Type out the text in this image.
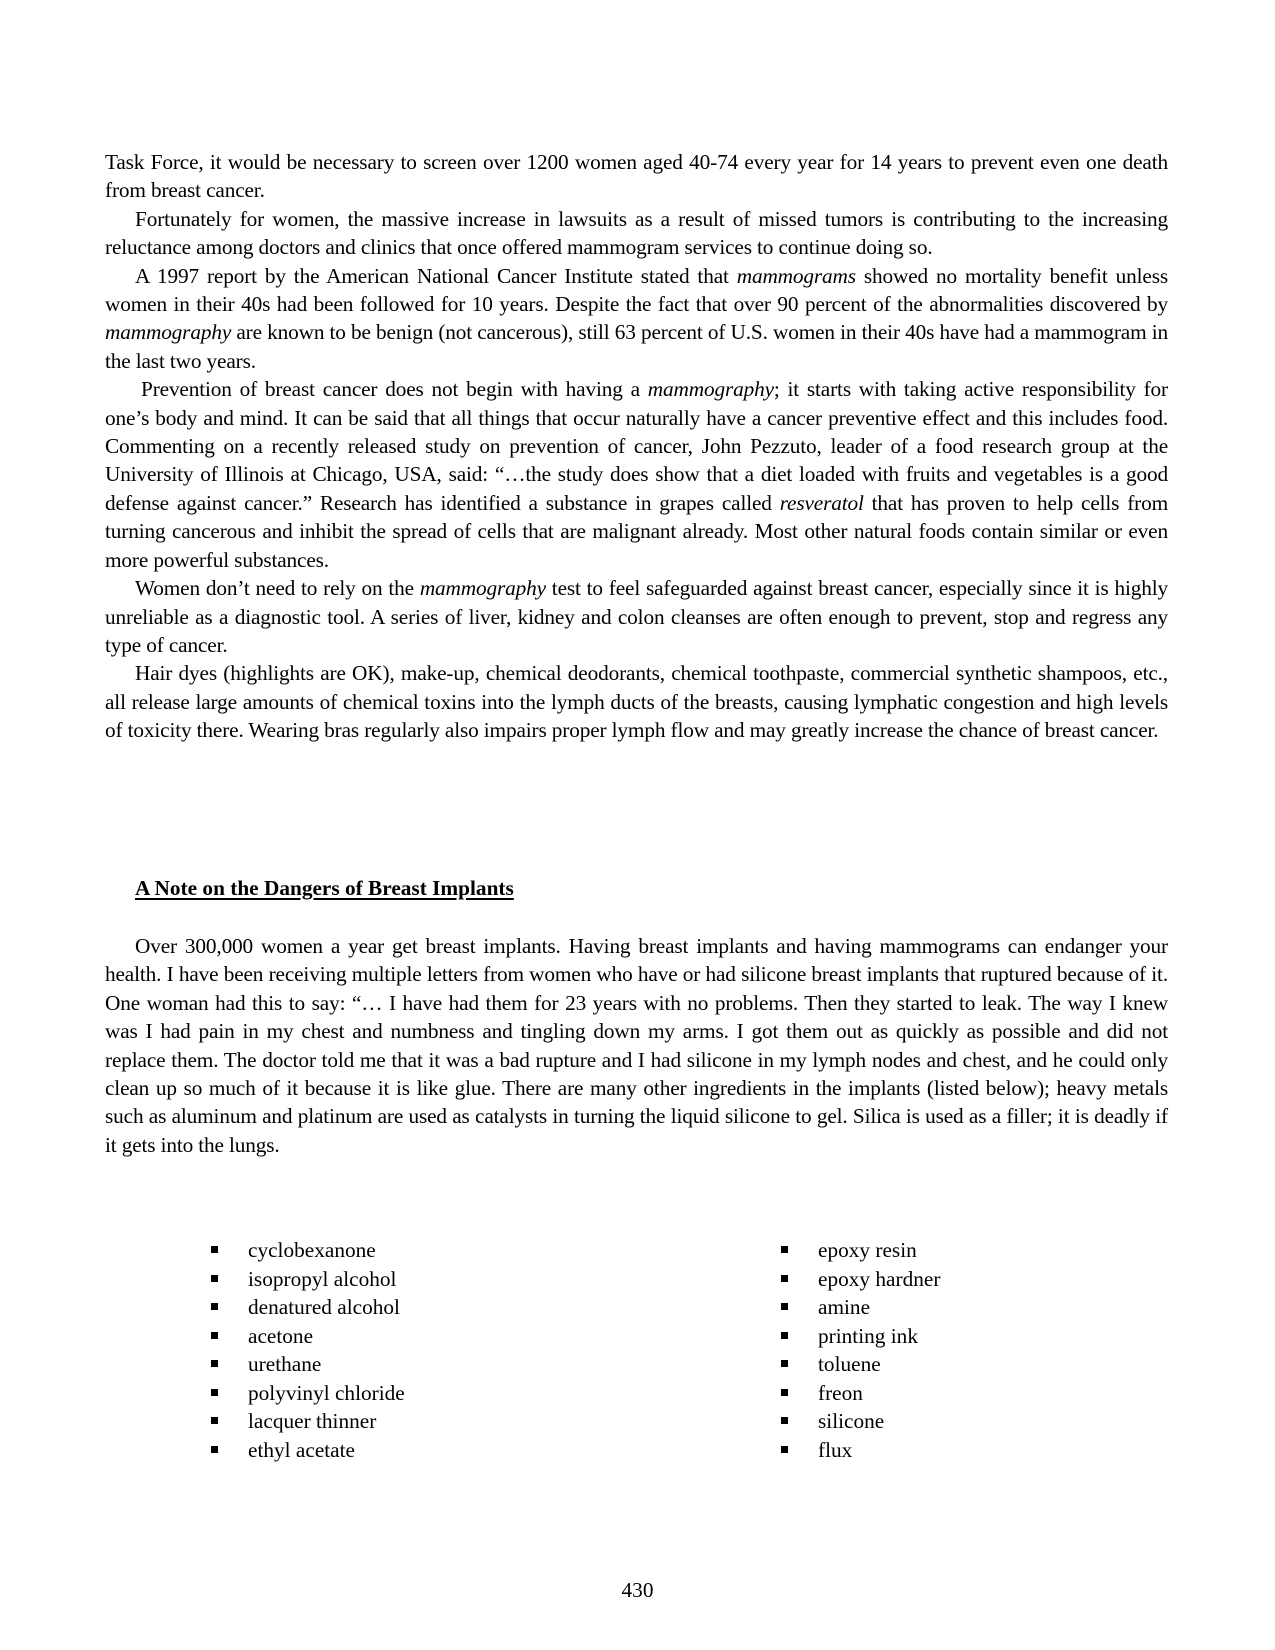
Task Force, it would be necessary to screen over 1200 women aged 40-74 every year for 14 years to prevent even one death from breast cancer.

Fortunately for women, the massive increase in lawsuits as a result of missed tumors is contributing to the increasing reluctance among doctors and clinics that once offered mammogram services to continue doing so.

A 1997 report by the American National Cancer Institute stated that mammograms showed no mortality benefit unless women in their 40s had been followed for 10 years. Despite the fact that over 90 percent of the abnormalities discovered by mammography are known to be benign (not cancerous), still 63 percent of U.S. women in their 40s have had a mammogram in the last two years.

Prevention of breast cancer does not begin with having a mammography; it starts with taking active responsibility for one’s body and mind. It can be said that all things that occur naturally have a cancer preventive effect and this includes food. Commenting on a recently released study on prevention of cancer, John Pezzuto, leader of a food research group at the University of Illinois at Chicago, USA, said: “…the study does show that a diet loaded with fruits and vegetables is a good defense against cancer.” Research has identified a substance in grapes called resveratol that has proven to help cells from turning cancerous and inhibit the spread of cells that are malignant already. Most other natural foods contain similar or even more powerful substances.

Women don’t need to rely on the mammography test to feel safeguarded against breast cancer, especially since it is highly unreliable as a diagnostic tool. A series of liver, kidney and colon cleanses are often enough to prevent, stop and regress any type of cancer.

Hair dyes (highlights are OK), make-up, chemical deodorants, chemical toothpaste, commercial synthetic shampoos, etc., all release large amounts of chemical toxins into the lymph ducts of the breasts, causing lymphatic congestion and high levels of toxicity there. Wearing bras regularly also impairs proper lymph flow and may greatly increase the chance of breast cancer.

A Note on the Dangers of Breast Implants

Over 300,000 women a year get breast implants. Having breast implants and having mammograms can endanger your health. I have been receiving multiple letters from women who have or had silicone breast implants that ruptured because of it. One woman had this to say: “… I have had them for 23 years with no problems. Then they started to leak. The way I knew was I had pain in my chest and numbness and tingling down my arms. I got them out as quickly as possible and did not replace them. The doctor told me that it was a bad rupture and I had silicone in my lymph nodes and chest, and he could only clean up so much of it because it is like glue. There are many other ingredients in the implants (listed below); heavy metals such as aluminum and platinum are used as catalysts in turning the liquid silicone to gel. Silica is used as a filler; it is deadly if it gets into the lungs.

cyclobexanone
isopropyl alcohol
denatured alcohol
acetone
urethane
polyvinyl chloride
lacquer thinner
ethyl acetate
epoxy resin
epoxy hardner
amine
printing ink
toluene
freon
silicone
flux
430
